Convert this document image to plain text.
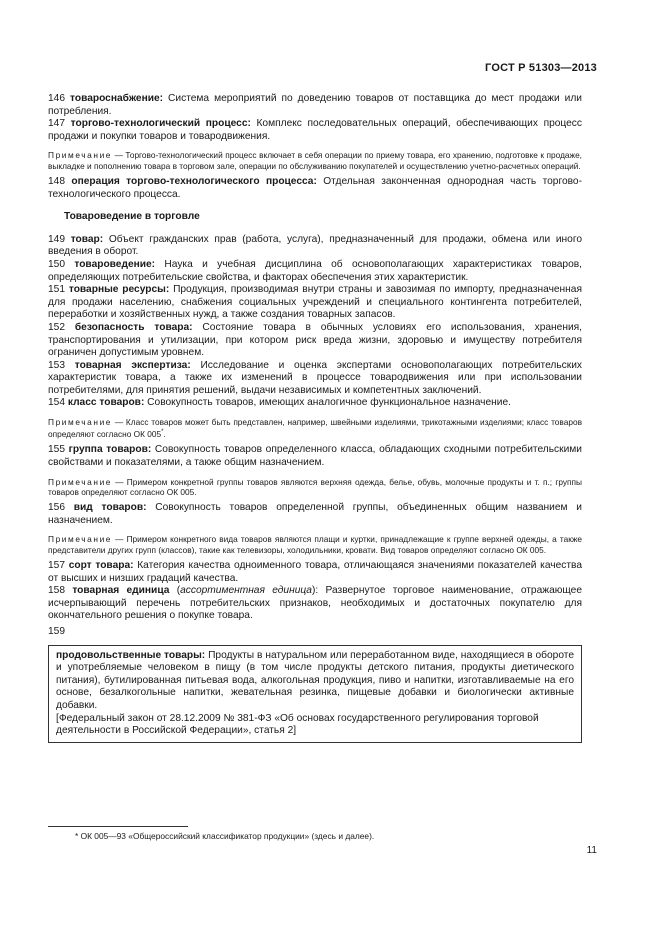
ГОСТ Р 51303—2013

146 товароснабжение: Система мероприятий по доведению товаров от поставщика до мест продажи или потребления.

147 торгово-технологический процесс: Комплекс последовательных операций, обеспечивающих процесс продажи и покупки товаров и товародвижения.

Примечание — Торгово-технологический процесс включает в себя операции по приему товара, его хранению, подготовке к продаже, выкладке и пополнению товара в торговом зале, операции по обслуживанию покупателей и осуществлению учетно-расчетных операций.

148 операция торгово-технологического процесса: Отдельная законченная однородная часть торгово-технологического процесса.

Товароведение в торговле

149 товар: Объект гражданских прав (работа, услуга), предназначенный для продажи, обмена или иного введения в оборот.

150 товароведение: Наука и учебная дисциплина об основополагающих характеристиках товаров, определяющих потребительские свойства, и факторах обеспечения этих характеристик.

151 товарные ресурсы: Продукция, производимая внутри страны и завозимая по импорту, предназначенная для продажи населению, снабжения социальных учреждений и специального контингента потребителей, переработки и хозяйственных нужд, а также создания товарных запасов.

152 безопасность товара: Состояние товара в обычных условиях его использования, хранения, транспортирования и утилизации, при котором риск вреда жизни, здоровью и имуществу потребителя ограничен допустимым уровнем.

153 товарная экспертиза: Исследование и оценка экспертами основополагающих потребительских характеристик товара, а также их изменений в процессе товародвижения или при использовании потребителями, для принятия решений, выдачи независимых и компетентных заключений.

154 класс товаров: Совокупность товаров, имеющих аналогичное функциональное назначение.

Примечание — Класс товаров может быть представлен, например, швейными изделиями, трикотажными изделиями; класс товаров определяют согласно ОК 005*.

155 группа товаров: Совокупность товаров определенного класса, обладающих сходными потребительскими свойствами и показателями, а также общим назначением.

Примечание — Примером конкретной группы товаров являются верхняя одежда, белье, обувь, молочные продукты и т. п.; группы товаров определяют согласно ОК 005.

156 вид товаров: Совокупность товаров определенной группы, объединенных общим названием и назначением.

Примечание — Примером конкретного вида товаров являются плащи и куртки, принадлежащие к группе верхней одежды, а также представители других групп (классов), такие как телевизоры, холодильники, кровати. Вид товаров определяют согласно ОК 005.

157 сорт товара: Категория качества одноименного товара, отличающаяся значениями показателей качества от высших и низших градаций качества.

158 товарная единица (ассортиментная единица): Развернутое торговое наименование, отражающее исчерпывающий перечень потребительских признаков, необходимых и достаточных покупателю для окончательного решения о покупке товара.

159

продовольственные товары: Продукты в натуральном или переработанном виде, находящиеся в обороте и употребляемые человеком в пищу (в том числе продукты детского питания, продукты диетического питания), бутилированная питьевая вода, алкогольная продукция, пиво и напитки, изготавливаемые на его основе, безалкогольные напитки, жевательная резинка, пищевые добавки и биологически активные добавки.

[Федеральный закон от 28.12.2009 № 381-ФЗ «Об основах государственного регулирования торговой деятельности в Российской Федерации», статья 2]

* ОК 005—93 «Общероссийский классификатор продукции» (здесь и далее).
11
